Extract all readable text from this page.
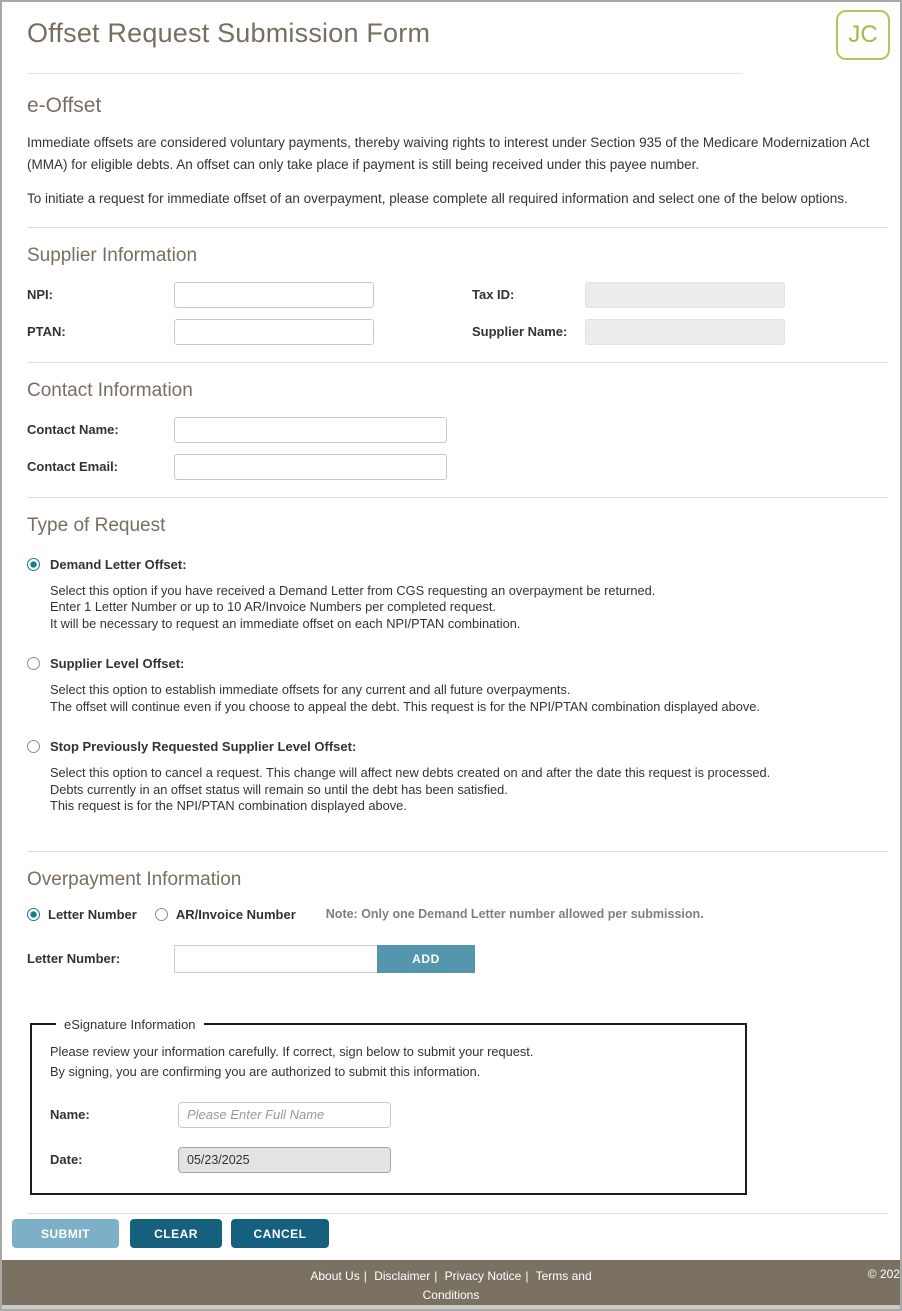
Offset Request Submission Form	JC
e-Offset

Immediate offsets are considered voluntary payments, thereby waiving rights to interest under Section 935 of the Medicare Modernization Act (MMA) for eligible debts. An offset can only take place if payment is still being received under this payee number.

To initiate a request for immediate offset of an overpayment, please complete all required information and select one of the below options.

Supplier Information
NPI:	Tax ID:
PTAN:	Supplier Name:
Contact Information
Contact Name:
Contact Email:
Type of Request
Demand Letter Offset:
Select this option if you have received a Demand Letter from CGS requesting an overpayment be returned.
Enter 1 Letter Number or up to 10 AR/Invoice Numbers per completed request.
It will be necessary to request an immediate offset on each NPI/PTAN combination.
Supplier Level Offset:
Select this option to establish immediate offsets for any current and all future overpayments.
The offset will continue even if you choose to appeal the debt. This request is for the NPI/PTAN combination displayed above.
Stop Previously Requested Supplier Level Offset:
Select this option to cancel a request. This change will affect new debts created on and after the date this request is processed.
Debts currently in an offset status will remain so until the debt has been satisfied.
This request is for the NPI/PTAN combination displayed above.
Overpayment Information
Letter Number	AR/Invoice Number Note: Only one Demand Letter number allowed per submission.
Letter Number:	ADD
eSignature Information
Please review your information carefully. If correct, sign below to submit your request.
By signing, you are confirming you are authorized to submit this information.
Name:
Please Enter Full Name
Date:
05/23/2025
SUBMIT	CLEAR	CANCEL
About Us | Disclaimer | Privacy Notice | Terms and Conditions
© 202
